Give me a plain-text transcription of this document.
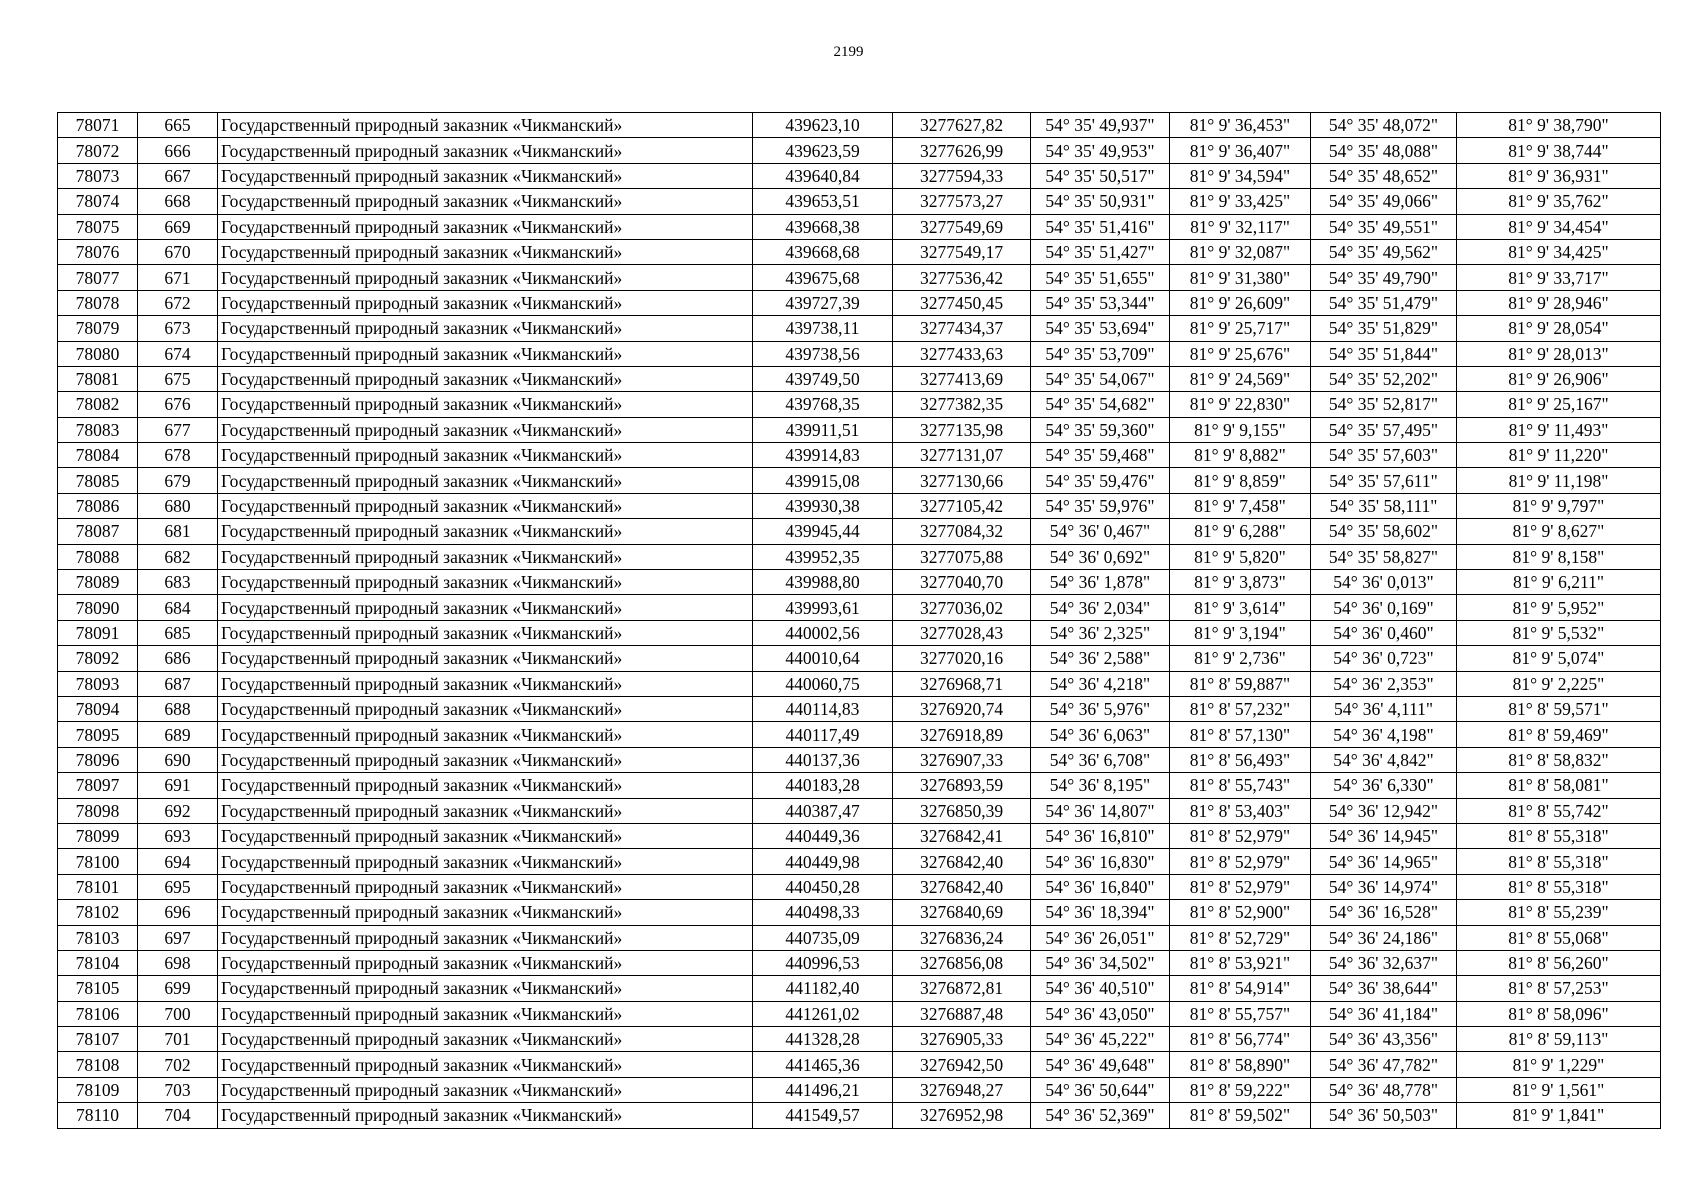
2199
78071	665	Государственный природный заказник «Чикманский»	439623,10	3277627,82	54° 35' 49,937"	81° 9' 36,453"	54° 35' 48,072"	81° 9' 38,790"
78072	666	Государственный природный заказник «Чикманский»	439623,59	3277626,99	54° 35' 49,953"	81° 9' 36,407"	54° 35' 48,088"	81° 9' 38,744"
78073	667	Государственный природный заказник «Чикманский»	439640,84	3277594,33	54° 35' 50,517"	81° 9' 34,594"	54° 35' 48,652"	81° 9' 36,931"
78074	668	Государственный природный заказник «Чикманский»	439653,51	3277573,27	54° 35' 50,931"	81° 9' 33,425"	54° 35' 49,066"	81° 9' 35,762"
78075	669	Государственный природный заказник «Чикманский»	439668,38	3277549,69	54° 35' 51,416"	81° 9' 32,117"	54° 35' 49,551"	81° 9' 34,454"
78076	670	Государственный природный заказник «Чикманский»	439668,68	3277549,17	54° 35' 51,427"	81° 9' 32,087"	54° 35' 49,562"	81° 9' 34,425"
78077	671	Государственный природный заказник «Чикманский»	439675,68	3277536,42	54° 35' 51,655"	81° 9' 31,380"	54° 35' 49,790"	81° 9' 33,717"
78078	672	Государственный природный заказник «Чикманский»	439727,39	3277450,45	54° 35' 53,344"	81° 9' 26,609"	54° 35' 51,479"	81° 9' 28,946"
78079	673	Государственный природный заказник «Чикманский»	439738,11	3277434,37	54° 35' 53,694"	81° 9' 25,717"	54° 35' 51,829"	81° 9' 28,054"
78080	674	Государственный природный заказник «Чикманский»	439738,56	3277433,63	54° 35' 53,709"	81° 9' 25,676"	54° 35' 51,844"	81° 9' 28,013"
78081	675	Государственный природный заказник «Чикманский»	439749,50	3277413,69	54° 35' 54,067"	81° 9' 24,569"	54° 35' 52,202"	81° 9' 26,906"
78082	676	Государственный природный заказник «Чикманский»	439768,35	3277382,35	54° 35' 54,682"	81° 9' 22,830"	54° 35' 52,817"	81° 9' 25,167"
78083	677	Государственный природный заказник «Чикманский»	439911,51	3277135,98	54° 35' 59,360"	81° 9' 9,155"	54° 35' 57,495"	81° 9' 11,493"
78084	678	Государственный природный заказник «Чикманский»	439914,83	3277131,07	54° 35' 59,468"	81° 9' 8,882"	54° 35' 57,603"	81° 9' 11,220"
78085	679	Государственный природный заказник «Чикманский»	439915,08	3277130,66	54° 35' 59,476"	81° 9' 8,859"	54° 35' 57,611"	81° 9' 11,198"
78086	680	Государственный природный заказник «Чикманский»	439930,38	3277105,42	54° 35' 59,976"	81° 9' 7,458"	54° 35' 58,111"	81° 9' 9,797"
78087	681	Государственный природный заказник «Чикманский»	439945,44	3277084,32	54° 36' 0,467"	81° 9' 6,288"	54° 35' 58,602"	81° 9' 8,627"
78088	682	Государственный природный заказник «Чикманский»	439952,35	3277075,88	54° 36' 0,692"	81° 9' 5,820"	54° 35' 58,827"	81° 9' 8,158"
78089	683	Государственный природный заказник «Чикманский»	439988,80	3277040,70	54° 36' 1,878"	81° 9' 3,873"	54° 36' 0,013"	81° 9' 6,211"
78090	684	Государственный природный заказник «Чикманский»	439993,61	3277036,02	54° 36' 2,034"	81° 9' 3,614"	54° 36' 0,169"	81° 9' 5,952"
78091	685	Государственный природный заказник «Чикманский»	440002,56	3277028,43	54° 36' 2,325"	81° 9' 3,194"	54° 36' 0,460"	81° 9' 5,532"
78092	686	Государственный природный заказник «Чикманский»	440010,64	3277020,16	54° 36' 2,588"	81° 9' 2,736"	54° 36' 0,723"	81° 9' 5,074"
78093	687	Государственный природный заказник «Чикманский»	440060,75	3276968,71	54° 36' 4,218"	81° 8' 59,887"	54° 36' 2,353"	81° 9' 2,225"
78094	688	Государственный природный заказник «Чикманский»	440114,83	3276920,74	54° 36' 5,976"	81° 8' 57,232"	54° 36' 4,111"	81° 8' 59,571"
78095	689	Государственный природный заказник «Чикманский»	440117,49	3276918,89	54° 36' 6,063"	81° 8' 57,130"	54° 36' 4,198"	81° 8' 59,469"
78096	690	Государственный природный заказник «Чикманский»	440137,36	3276907,33	54° 36' 6,708"	81° 8' 56,493"	54° 36' 4,842"	81° 8' 58,832"
78097	691	Государственный природный заказник «Чикманский»	440183,28	3276893,59	54° 36' 8,195"	81° 8' 55,743"	54° 36' 6,330"	81° 8' 58,081"
78098	692	Государственный природный заказник «Чикманский»	440387,47	3276850,39	54° 36' 14,807"	81° 8' 53,403"	54° 36' 12,942"	81° 8' 55,742"
78099	693	Государственный природный заказник «Чикманский»	440449,36	3276842,41	54° 36' 16,810"	81° 8' 52,979"	54° 36' 14,945"	81° 8' 55,318"
78100	694	Государственный природный заказник «Чикманский»	440449,98	3276842,40	54° 36' 16,830"	81° 8' 52,979"	54° 36' 14,965"	81° 8' 55,318"
78101	695	Государственный природный заказник «Чикманский»	440450,28	3276842,40	54° 36' 16,840"	81° 8' 52,979"	54° 36' 14,974"	81° 8' 55,318"
78102	696	Государственный природный заказник «Чикманский»	440498,33	3276840,69	54° 36' 18,394"	81° 8' 52,900"	54° 36' 16,528"	81° 8' 55,239"
78103	697	Государственный природный заказник «Чикманский»	440735,09	3276836,24	54° 36' 26,051"	81° 8' 52,729"	54° 36' 24,186"	81° 8' 55,068"
78104	698	Государственный природный заказник «Чикманский»	440996,53	3276856,08	54° 36' 34,502"	81° 8' 53,921"	54° 36' 32,637"	81° 8' 56,260"
78105	699	Государственный природный заказник «Чикманский»	441182,40	3276872,81	54° 36' 40,510"	81° 8' 54,914"	54° 36' 38,644"	81° 8' 57,253"
78106	700	Государственный природный заказник «Чикманский»	441261,02	3276887,48	54° 36' 43,050"	81° 8' 55,757"	54° 36' 41,184"	81° 8' 58,096"
78107	701	Государственный природный заказник «Чикманский»	441328,28	3276905,33	54° 36' 45,222"	81° 8' 56,774"	54° 36' 43,356"	81° 8' 59,113"
78108	702	Государственный природный заказник «Чикманский»	441465,36	3276942,50	54° 36' 49,648"	81° 8' 58,890"	54° 36' 47,782"	81° 9' 1,229"
78109	703	Государственный природный заказник «Чикманский»	441496,21	3276948,27	54° 36' 50,644"	81° 8' 59,222"	54° 36' 48,778"	81° 9' 1,561"
78110	704	Государственный природный заказник «Чикманский»	441549,57	3276952,98	54° 36' 52,369"	81° 8' 59,502"	54° 36' 50,503"	81° 9' 1,841"
